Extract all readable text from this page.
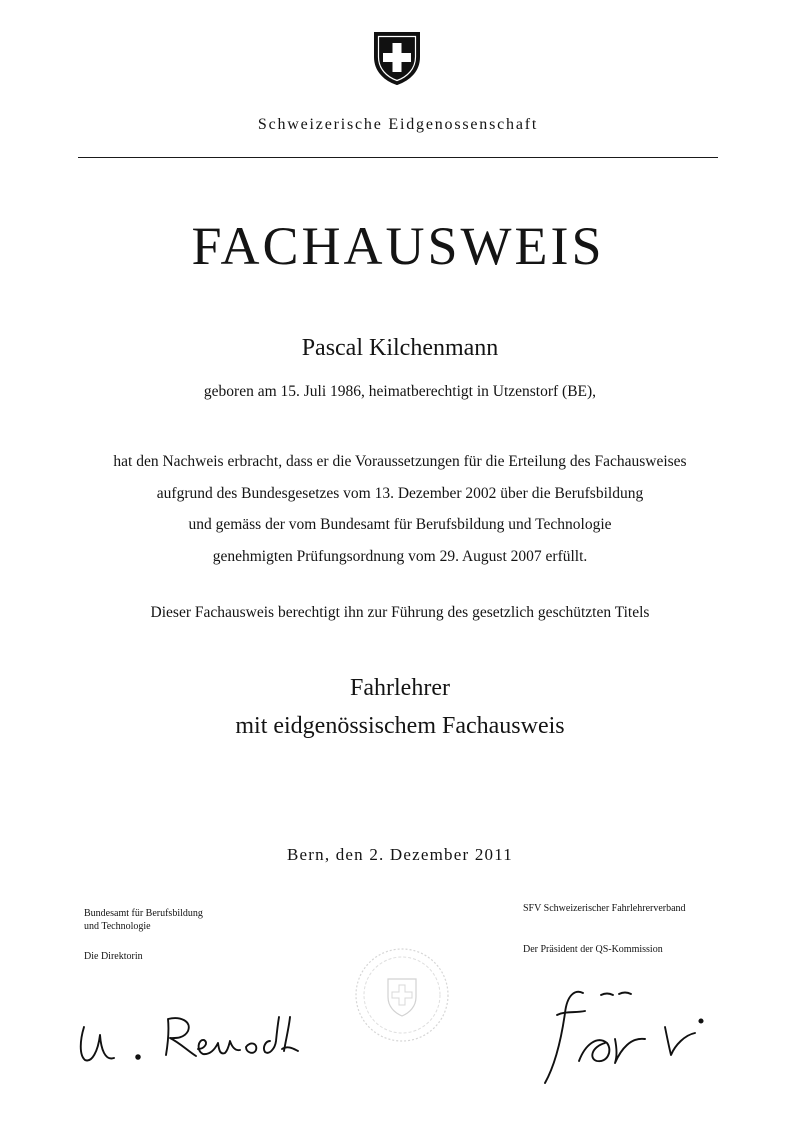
Schweizerische Eidgenossenschaft
FACHAUSWEIS
Pascal Kilchenmann
geboren am 15. Juli 1986, heimatberechtigt in Utzenstorf (BE),
hat den Nachweis erbracht, dass er die Voraussetzungen für die Erteilung des Fachausweises
aufgrund des Bundesgesetzes vom 13. Dezember 2002 über die Berufsbildung
und gemäss der vom Bundesamt für Berufsbildung und Technologie
genehmigten Prüfungsordnung vom 29. August 2007 erfüllt.
Dieser Fachausweis berechtigt ihn zur Führung des gesetzlich geschützten Titels
Fahrlehrer
mit eidgenössischem Fachausweis
Bern, den 2. Dezember 2011
Bundesamt für Berufsbildung
und Technologie
Die Direktorin
SFV Schweizerischer Fahrlehrerverband
Der Präsident der QS-Kommission
